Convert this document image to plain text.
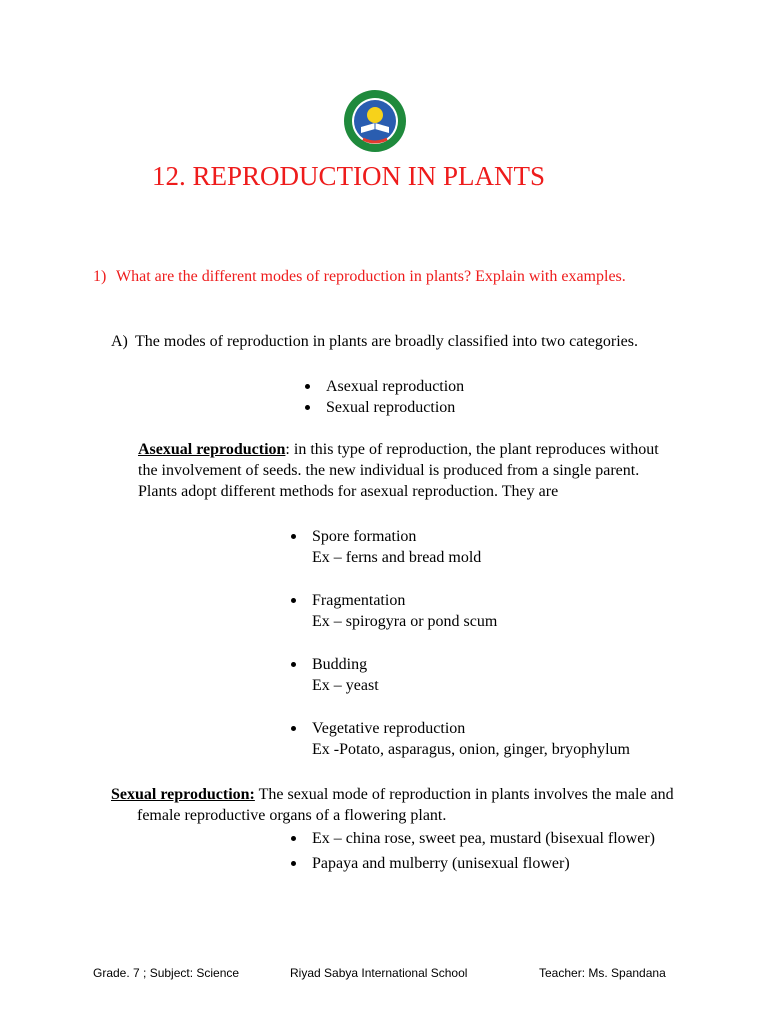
12. REPRODUCTION IN PLANTS
1) What are the different modes of reproduction in plants? Explain with examples.
A) The modes of reproduction in plants are broadly classified into two categories.
Asexual reproduction
Sexual reproduction
Asexual reproduction: in this type of reproduction, the plant reproduces without the involvement of seeds. the new individual is produced from a single parent. Plants adopt different methods for asexual reproduction. They are
Spore formation
Ex – ferns and bread mold
Fragmentation
Ex – spirogyra or pond scum
Budding
Ex – yeast
Vegetative reproduction
Ex -Potato, asparagus, onion, ginger, bryophylum
Sexual reproduction: The sexual mode of reproduction in plants involves the male and female reproductive organs of a flowering plant.
Ex – china rose, sweet pea, mustard (bisexual flower)
Papaya and mulberry (unisexual flower)
Grade. 7 ; Subject: Science	Riyad Sabya International School	Teacher: Ms. Spandana
